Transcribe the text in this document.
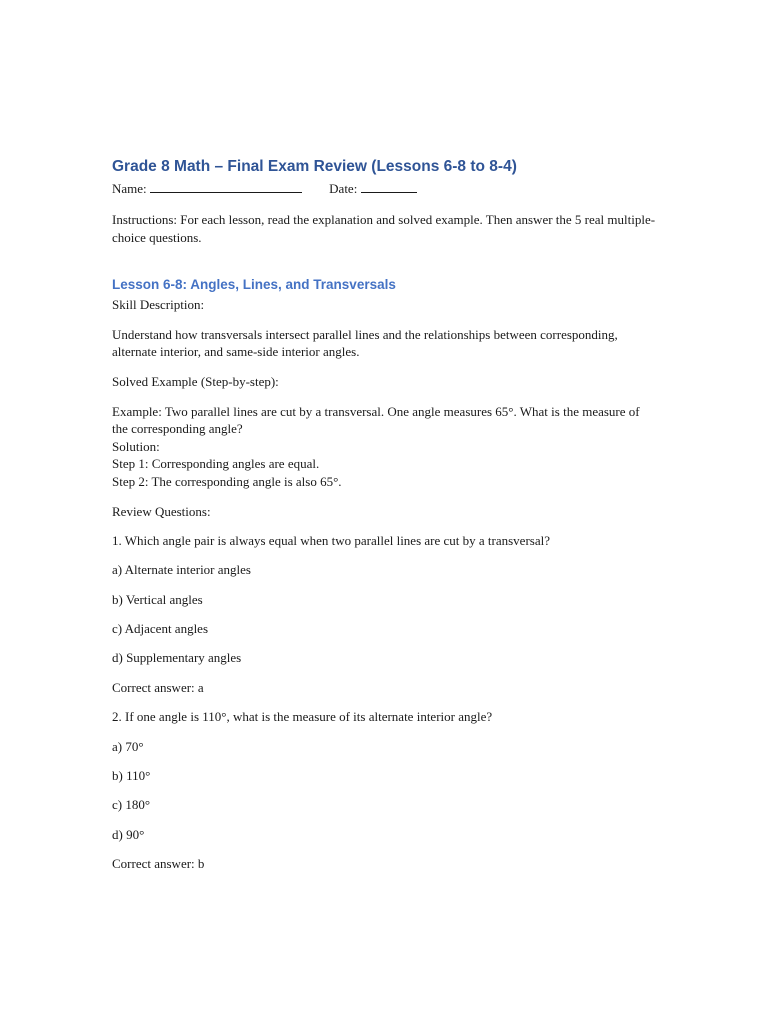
Grade 8 Math – Final Exam Review (Lessons 6-8 to 8-4)
Name:	Date:

Instructions: For each lesson, read the explanation and solved example. Then answer the 5 real multiple-choice questions.

Lesson 6-8: Angles, Lines, and Transversals

Skill Description:

Understand how transversals intersect parallel lines and the relationships between corresponding, alternate interior, and same-side interior angles.

Solved Example (Step-by-step):

Example: Two parallel lines are cut by a transversal. One angle measures 65°. What is the measure of the corresponding angle?

Solution:

Step 1: Corresponding angles are equal.

Step 2: The corresponding angle is also 65°.

Review Questions:

1. Which angle pair is always equal when two parallel lines are cut by a transversal?

a) Alternate interior angles

b) Vertical angles

c) Adjacent angles

d) Supplementary angles

Correct answer: a

2. If one angle is 110°, what is the measure of its alternate interior angle?

a) 70°

b) 110°

c) 180°

d) 90°

Correct answer: b
